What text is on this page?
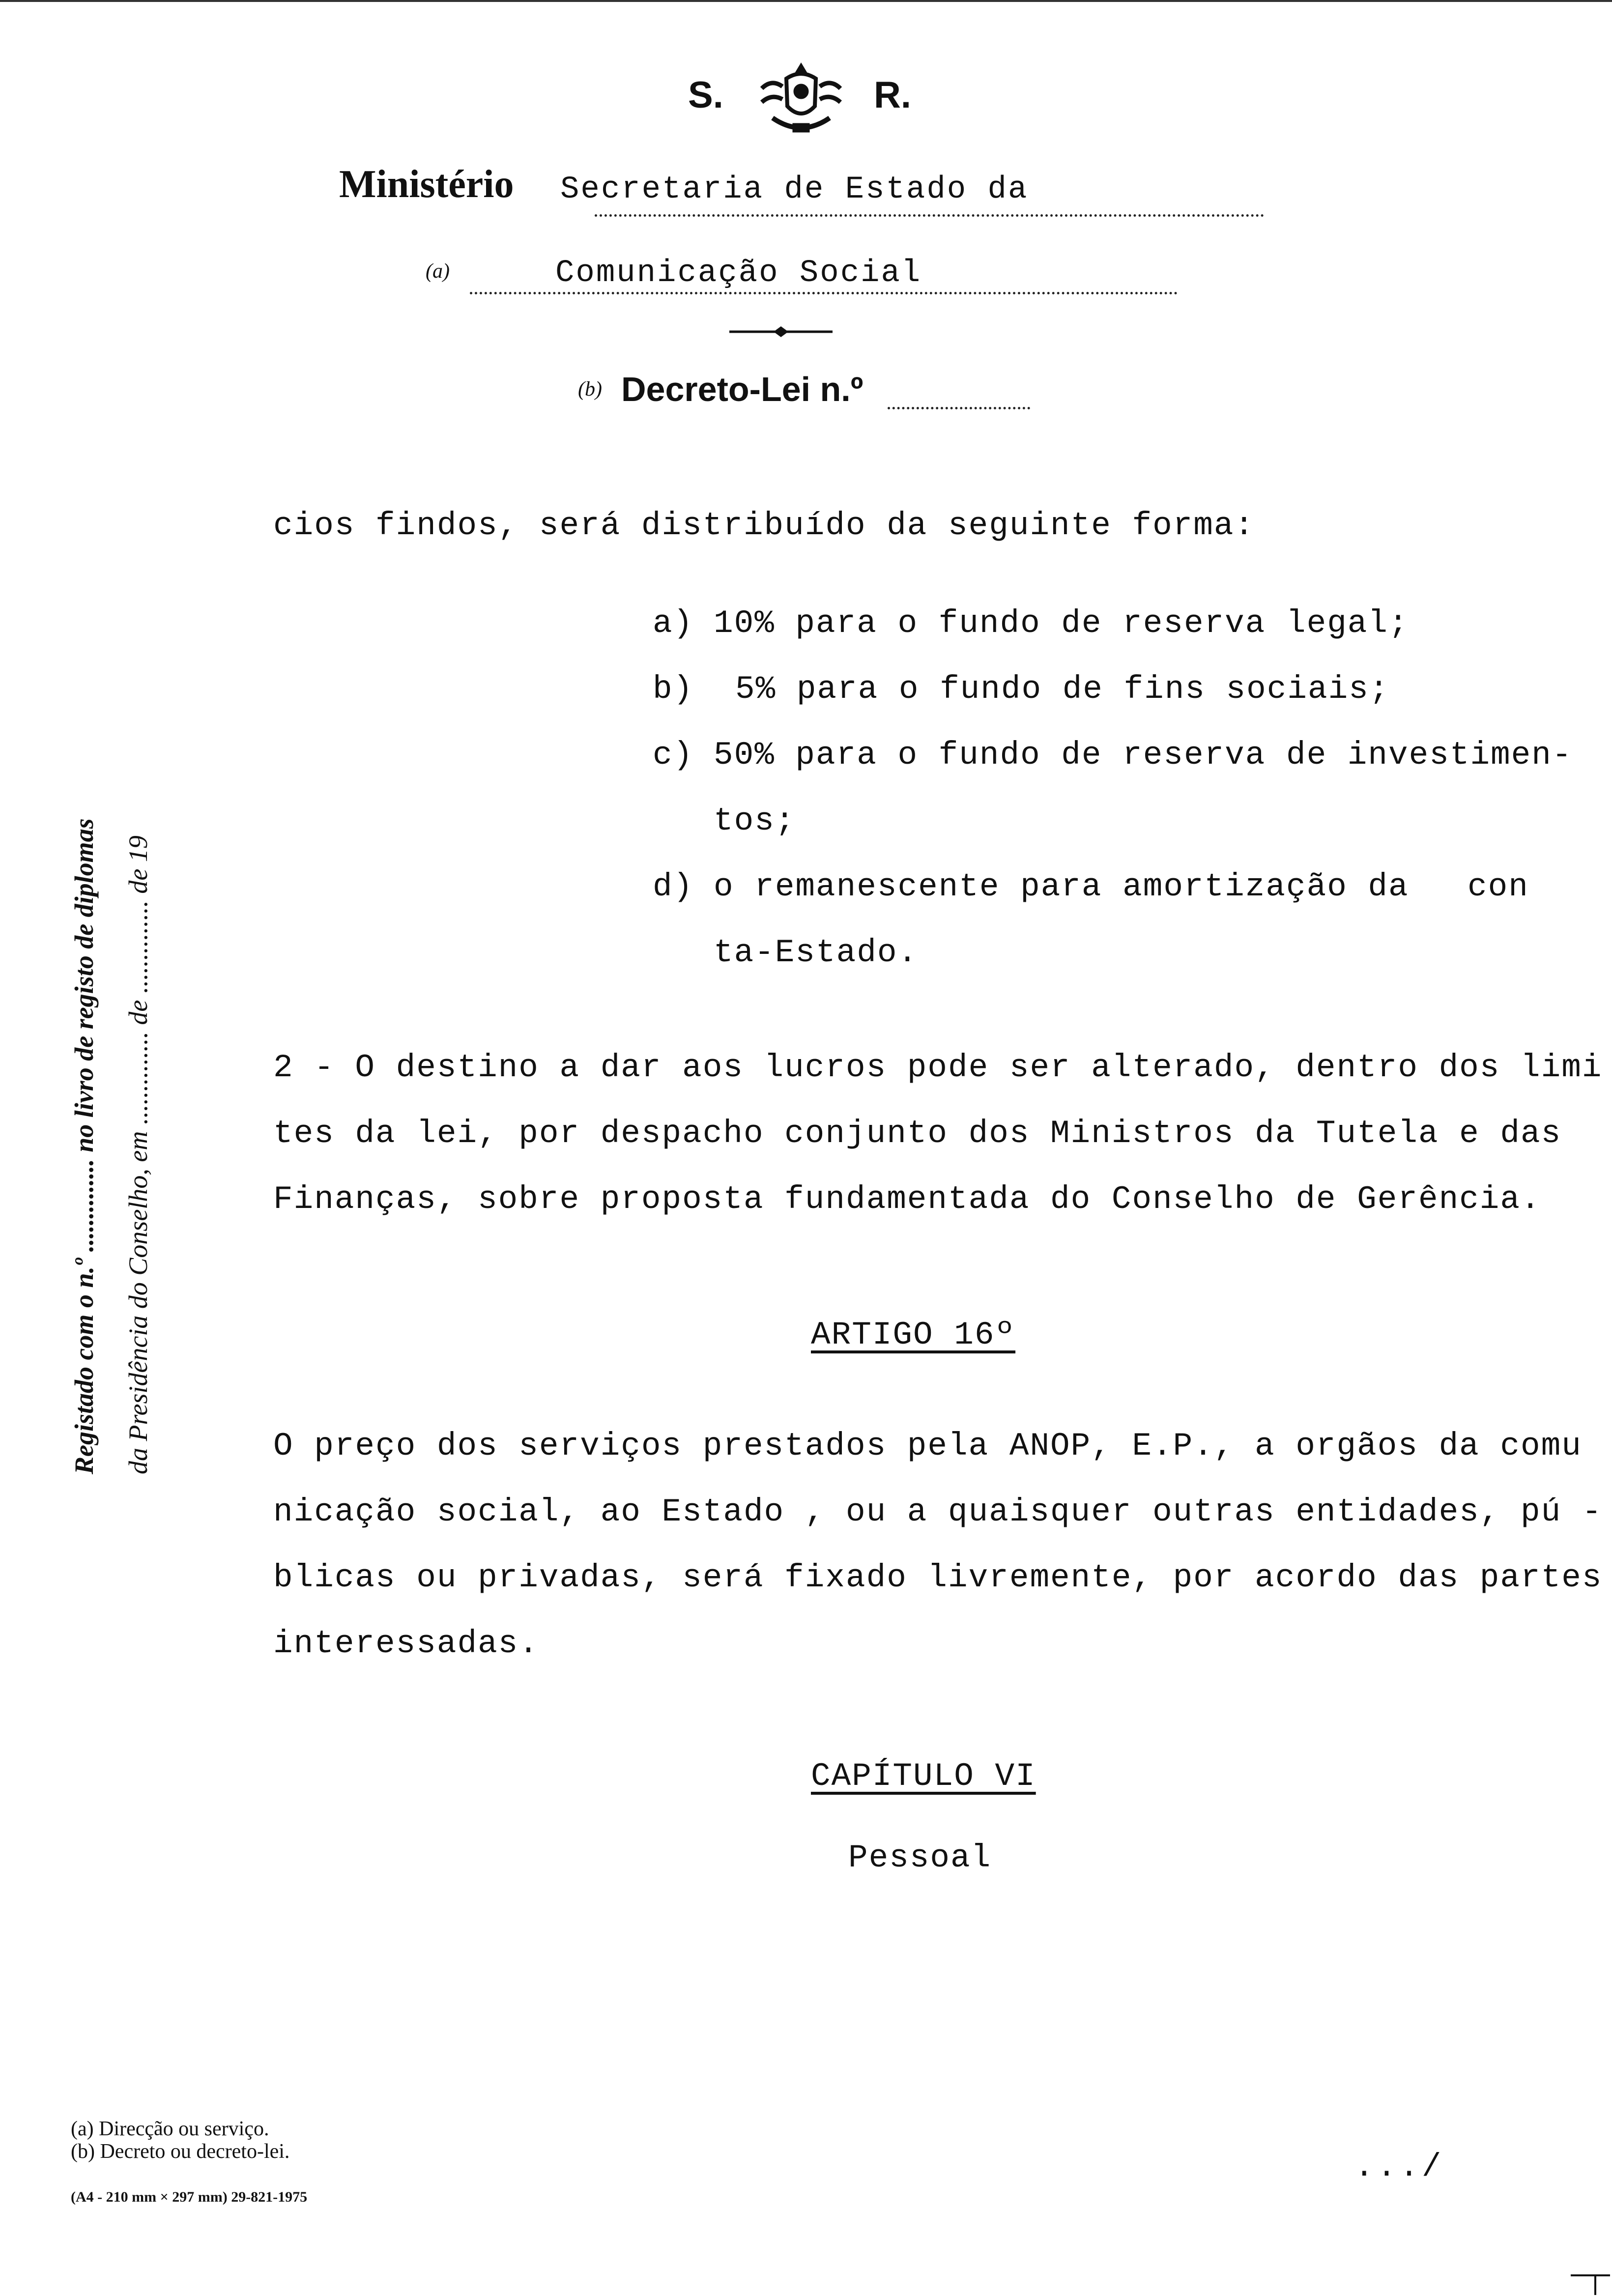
S.	R.
Ministério Secretaria de Estado da
(a)	Comunicação Social
(b) Decreto-Lei n.º
Registado com o n.º .............. no livro de registo de diplomas da Presidência do Conselho, em .............. de .............. de 19
cios findos, será distribuído da seguinte forma:
a) 10% para o fundo de reserva legal;
b) 5% para o fundo de fins sociais;
c) 50% para o fundo de reserva de investimen-
tos;
d) o remanescente para amortização da con
ta-Estado.
2 - O destino a dar aos lucros pode ser alterado, dentro dos limi
tes da lei, por despacho conjunto dos Ministros da Tutela e das
Finanças, sobre proposta fundamentada do Conselho de Gerência.
ARTIGO 16º
O preço dos serviços prestados pela ANOP, E.P., a orgãos da comu
nicação social, ao Estado , ou a quaisquer outras entidades, pú -
blicas ou privadas, será fixado livremente, por acordo das partes
interessadas.
CAPÍTULO VI
Pessoal
(a) Direcção ou serviço.
(b) Decreto ou decreto-lei.
(A4 - 210 mm × 297 mm) 29-821-1975
.../
